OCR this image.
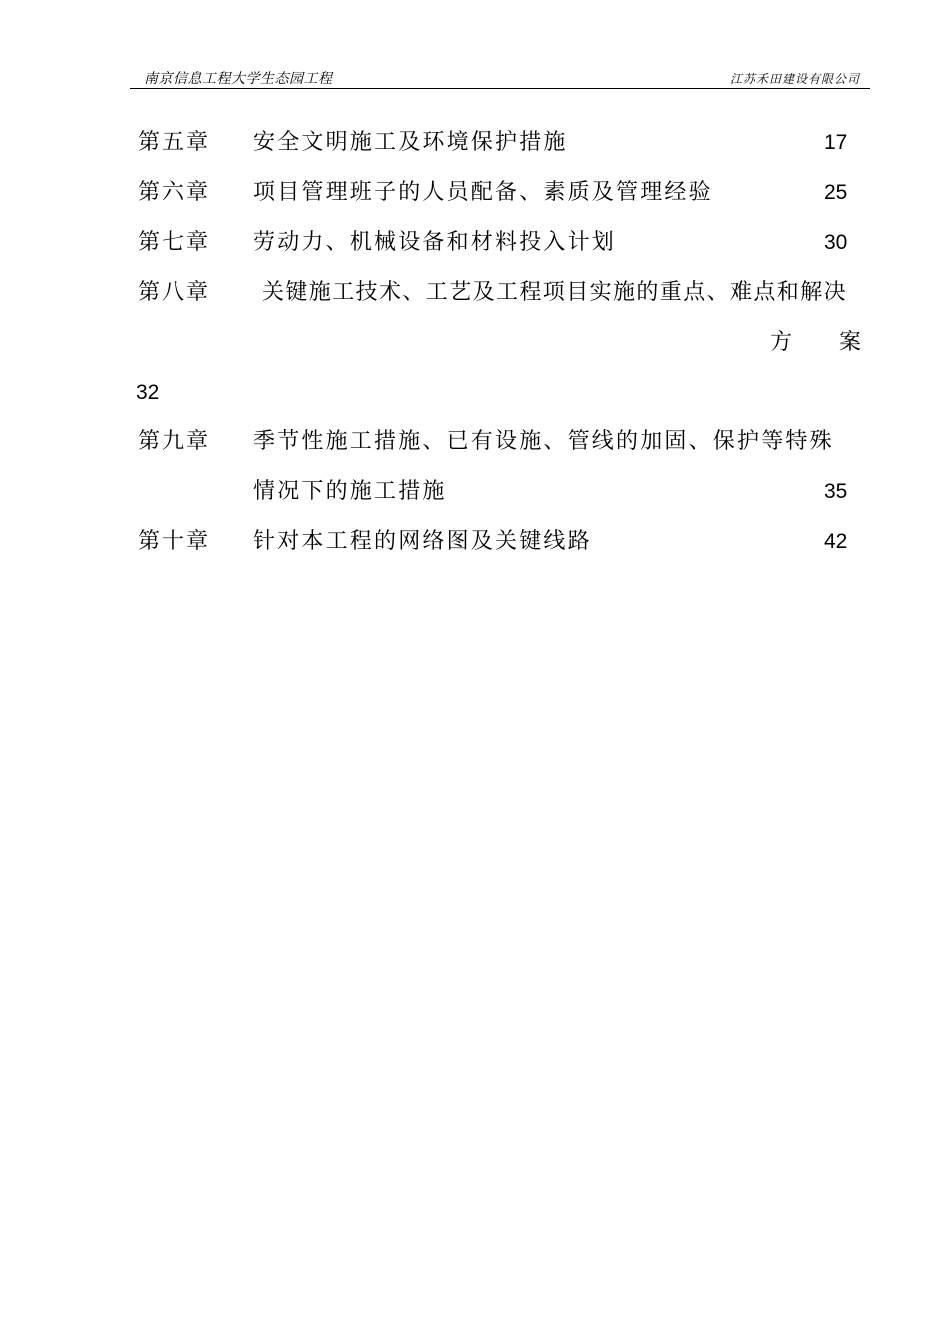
南京信息工程大学生态园工程	江苏禾田建设有限公司
第五章 安全文明施工及环境保护措施	17
第六章 项目管理班子的人员配备、素质及管理经验	25
第七章 劳动力、机械设备和材料投入计划	30
第八章 关键施工技术、工艺及工程项目实施的重点、难点和解决
方 案
32
第九章 季节性施工措施、已有设施、管线的加固、保护等特殊
情况下的施工措施	35
第十章 针对本工程的网络图及关键线路	42
